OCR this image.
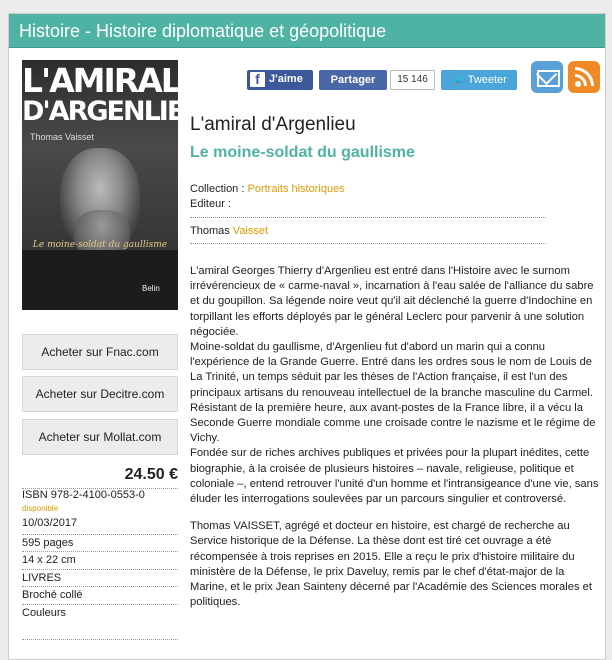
Histoire - Histoire diplomatique et géopolitique
L'AMIRAL
D'ARGENLIEU
Thomas Vaisset
Le moine-soldat du gaullisme
Belin
Acheter sur Fnac.com
Acheter sur Decitre.com
Acheter sur Mollat.com
24.50 €
ISBN 978-2-4100-0553-0
disponible
10/03/2017
595 pages
14 x 22 cm
LIVRES
Broché collé
Couleurs
f J'aime	Partager	15 146	🐦 Tweeter
L'amiral d'Argenlieu
Le moine-soldat du gaullisme
Collection : Portraits historiques
Editeur :
Thomas Vaisset

L'amiral Georges Thierry d'Argenlieu est entré dans l'Histoire avec le surnom irrévérencieux de « carme-naval », incarnation à l'eau salée de l'alliance du sabre et du goupillon. Sa légende noire veut qu'il ait déclenché la guerre d'Indochine en torpillant les efforts déployés par le général Leclerc pour parvenir à une solution négociée.

Moine-soldat du gaullisme, d'Argenlieu fut d'abord un marin qui a connu l'expérience de la Grande Guerre. Entré dans les ordres sous le nom de Louis de La Trinité, un temps séduit par les thèses de l'Action française, il est l'un des principaux artisans du renouveau intellectuel de la branche masculine du Carmel. Résistant de la première heure, aux avant-postes de la France libre, il a vécu la Seconde Guerre mondiale comme une croisade contre le nazisme et le régime de Vichy.

Fondée sur de riches archives publiques et privées pour la plupart inédites, cette biographie, à la croisée de plusieurs histoires – navale, religieuse, politique et coloniale –, entend retrouver l'unité d'un homme et l'intransigeance d'une vie, sans éluder les interrogations soulevées par un parcours singulier et controversé.

Thomas VAISSET, agrégé et docteur en histoire, est chargé de recherche au Service historique de la Défense. La thèse dont est tiré cet ouvrage a été récompensée à trois reprises en 2015. Elle a reçu le prix d'histoire militaire du ministère de la Défense, le prix Daveluy, remis par le chef d'état-major de la Marine, et le prix Jean Sainteny décerné par l'Académie des Sciences morales et politiques.
